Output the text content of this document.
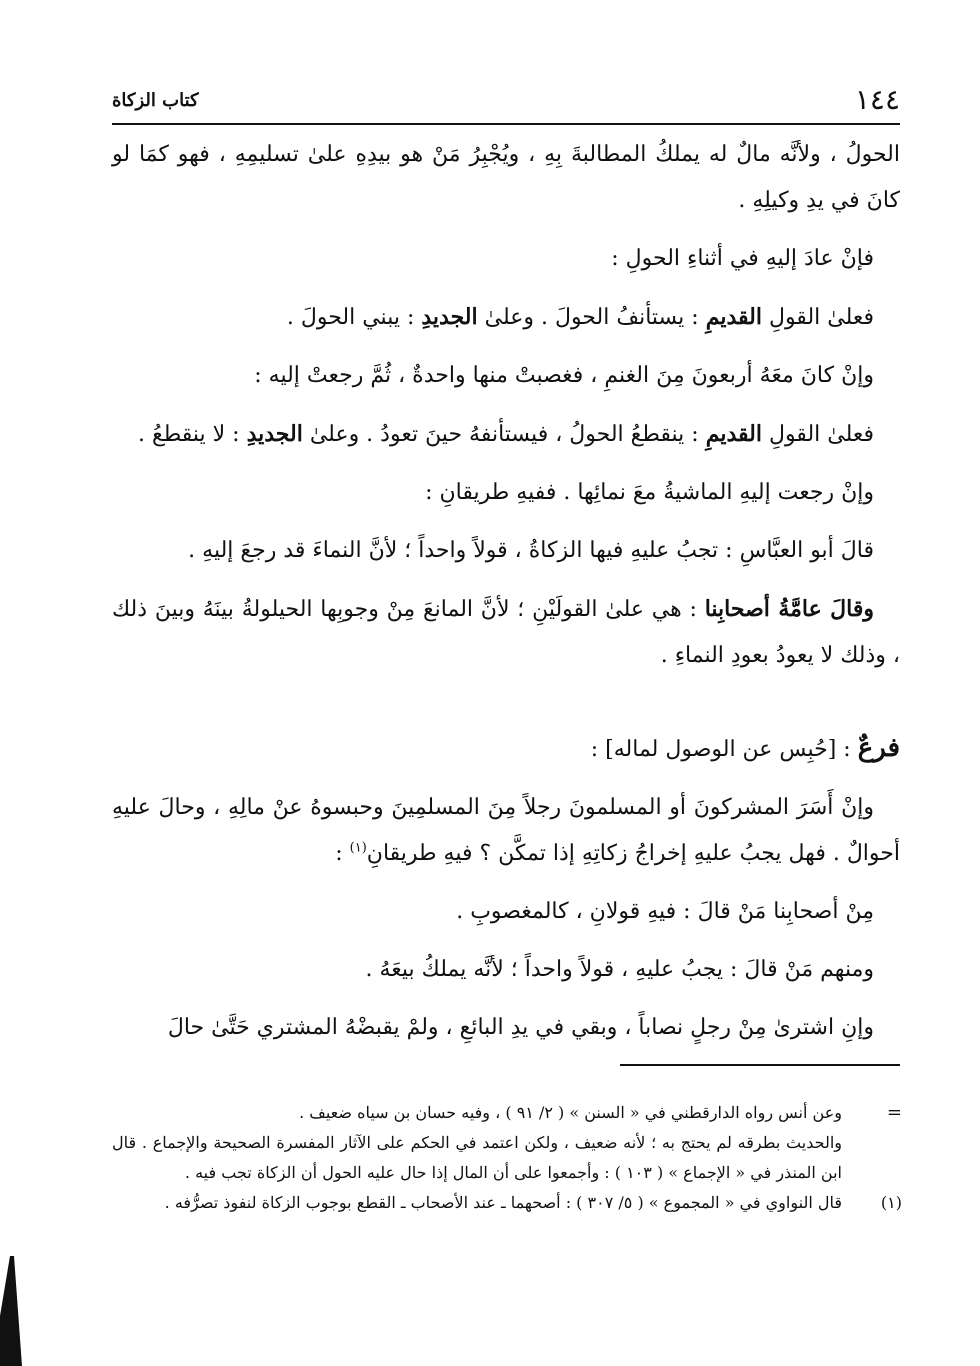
١٤٤
كتاب الزكاة

الحولُ ، ولأنَّه مالٌ له يملكُ المطالبةَ بِهِ ، ويُجْبِرُ مَنْ هو بيدِهِ علىٰ تسليمِهِ ، فهو كمَا لو كانَ في يدِ وكيلِهِ .

فإنْ عادَ إليهِ في أثناءِ الحولِ :

فعلىٰ القولِ القديمِ : يستأنفُ الحولَ . وعلىٰ الجديدِ : يبني الحولَ .

وإنْ كانَ معَهُ أربعونَ مِنَ الغنمِ ، فغصبتْ منها واحدةٌ ، ثُمَّ رجعتْ إليه :

فعلىٰ القولِ القديمِ : ينقطعُ الحولُ ، فيستأنفهُ حينَ تعودُ . وعلىٰ الجديدِ : لا ينقطعُ .

وإنْ رجعت إليهِ الماشيةُ معَ نمائِها . ففيهِ طريقانِ :

قالَ أبو العبَّاسِ : تجبُ عليهِ فيها الزكاةُ ، قولاً واحداً ؛ لأنَّ النماءَ قد رجعَ إليهِ .

وقالَ عامَّةُ أصحابِنا : هي علىٰ القولَيْنِ ؛ لأنَّ المانعَ مِنْ وجوبِها الحيلولةُ بينَهُ وبينَ ذلك ، وذلك لا يعودُ بعودِ النماءِ .

فرعٌ : [حُبِس عن الوصول لماله] :

وإنْ أَسَرَ المشركونَ أو المسلمونَ رجلاً مِنَ المسلمِينَ وحبسوهُ عنْ مالِهِ ، وحالَ عليهِ أحوالٌ . فهل يجبُ عليهِ إخراجُ زكاتِهِ إذا تمكَّن ؟ فيهِ طريقانِ$^{(١)}$ :

مِنْ أصحابِنا مَنْ قالَ : فيهِ قولانِ ، كالمغصوبِ .

ومنهم مَنْ قالَ : يجبُ عليهِ ، قولاً واحداً ؛ لأنَّه يملكُ بيعَهُ .

وإنِ اشترىٰ مِنْ رجلٍ نصاباً ، وبقي في يدِ البائعِ ، ولمْ يقبضْهُ المشتري حَتَّىٰ حالَ

=

وعن أنس رواه الدارقطني في « السنن » ( ٢/ ٩١ ) ، وفيه حسان بن سياه ضعيف .

والحديث بطرقه لم يحتج به ؛ لأنه ضعيف ، ولكن اعتمد في الحكم على الآثار المفسرة الصحيحة والإجماع . قال ابن المنذر في « الإجماع » ( ١٠٣ ) : وأجمعوا على أن المال إذا حال عليه الحول أن الزكاة تجب فيه .

(١)

قال النواوي في « المجموع » ( ٥/ ٣٠٧ ) : أصحهما ـ عند الأصحاب ـ القطع بوجوب الزكاة لنفوذ تصرُّفه .
